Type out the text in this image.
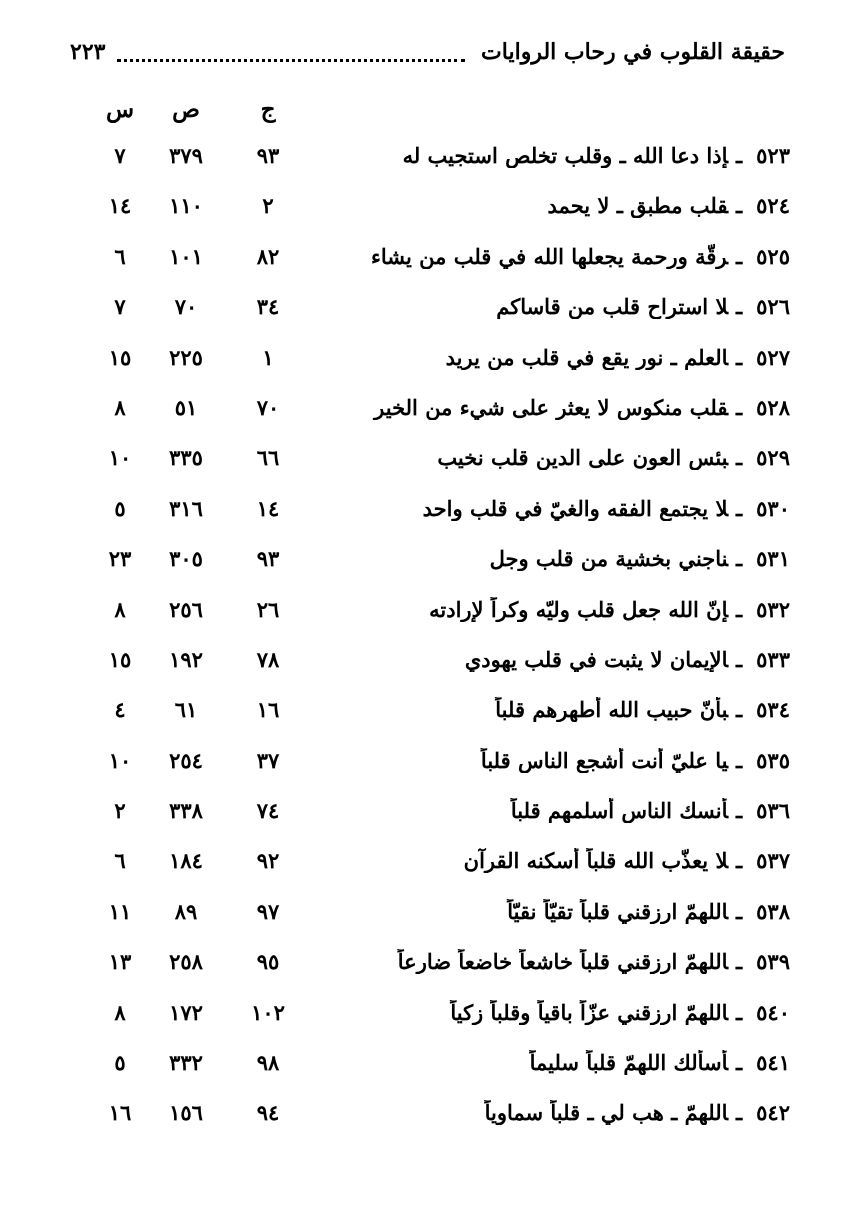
حقيقة القلوب في رحاب الروايات
٢٢٣
ج
ص
س
٥٢٣ـإذا دعا الله ـ وقلب تخلص استجيب له
٩٣
٣٧٩
٧
٥٢٤ـقلب مطبق ـ لا يحمد
٢
١١٠
١٤
٥٢٥ـرقّة ورحمة يجعلها الله في قلب من يشاء
٨٢
١٠١
٦
٥٢٦ـلا استراح قلب من قاساكم
٣٤
٧٠
٧
٥٢٧ـالعلم ـ نور يقع في قلب من يريد
١
٢٢٥
١٥
٥٢٨ـقلب منكوس لا يعثر على شيء من الخير
٧٠
٥١
٨
٥٢٩ـبئس العون على الدين قلب نخيب
٦٦
٣٣٥
١٠
٥٣٠ـلا يجتمع الفقه والغيّ في قلب واحد
١٤
٣١٦
٥
٥٣١ـناجني بخشية من قلب وجل
٩٣
٣٠٥
٢٣
٥٣٢ـإنّ الله جعل قلب وليّه وكراً لإرادته
٢٦
٢٥٦
٨
٥٣٣ـالإيمان لا يثبت في قلب يهودي
٧٨
١٩٢
١٥
٥٣٤ـبأنّ حبيب الله أطهرهم قلباً
١٦
٦١
٤
٥٣٥ـيا عليّ أنت أشجع الناس قلباً
٣٧
٢٥٤
١٠
٥٣٦ـأنسك الناس أسلمهم قلباً
٧٤
٣٣٨
٢
٥٣٧ـلا يعذّب الله قلباً أسكنه القرآن
٩٢
١٨٤
٦
٥٣٨ـاللهمّ ارزقني قلباً تقيّاً نقيّاً
٩٧
٨٩
١١
٥٣٩ـاللهمّ ارزقني قلباً خاشعاً خاضعاً ضارعاً
٩٥
٢٥٨
١٣
٥٤٠ـاللهمّ ارزقني عزّاً باقياً وقلباً زكياً
١٠٢
١٧٢
٨
٥٤١ـأسألك اللهمّ قلباً سليماً
٩٨
٣٣٢
٥
٥٤٢ـاللهمّ ـ هب لي ـ قلباً سماوياً
٩٤
١٥٦
١٦
